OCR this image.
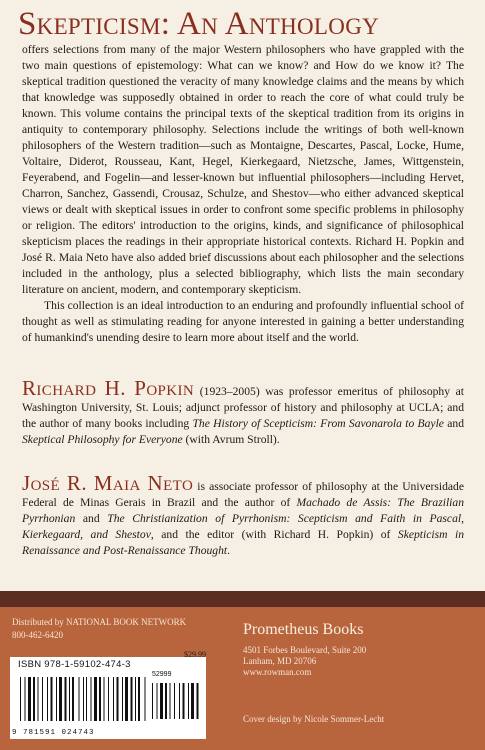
Skepticism: An Anthology

offers selections from many of the major Western philosophers who have grappled with the two main questions of epistemology: What can we know? and How do we know it? The skeptical tradition questioned the veracity of many knowledge claims and the means by which that knowledge was supposedly obtained in order to reach the core of what could truly be known. This volume contains the principal texts of the skeptical tradition from its origins in antiquity to contemporary philosophy. Selections include the writings of both well-known philosophers of the Western tradition—such as Montaigne, Descartes, Pascal, Locke, Hume, Voltaire, Diderot, Rousseau, Kant, Hegel, Kierkegaard, Nietzsche, James, Wittgenstein, Feyerabend, and Fogelin—and lesser-known but influential philosophers—including Hervet, Charron, Sanchez, Gassendi, Crousaz, Schulze, and Shestov—who either advanced skeptical views or dealt with skeptical issues in order to confront some specific problems in philosophy or religion. The editors' introduction to the origins, kinds, and significance of philosophical skepticism places the readings in their appropriate historical contexts. Richard H. Popkin and José R. Maia Neto have also added brief discussions about each philosopher and the selections included in the anthology, plus a selected bibliography, which lists the main secondary literature on ancient, modern, and contemporary skepticism.

This collection is an ideal introduction to an enduring and profoundly influential school of thought as well as stimulating reading for anyone interested in gaining a better understanding of humankind's unending desire to learn more about itself and the world.

Richard H. Popkin (1923–2005) was professor emeritus of philosophy at Washington University, St. Louis; adjunct professor of history and philosophy at UCLA; and the author of many books including The History of Scepticism: From Savonarola to Bayle and Skeptical Philosophy for Everyone (with Avrum Stroll).

José R. Maia Neto is associate professor of philosophy at the Universidade Federal de Minas Gerais in Brazil and the author of Machado de Assis: The Brazilian Pyrrhonian and The Christianization of Pyrrhonism: Scepticism and Faith in Pascal, Kierkegaard, and Shestov, and the editor (with Richard H. Popkin) of Skepticism in Renaissance and Post-Renaissance Thought.

Distributed by NATIONAL BOOK NETWORK
800-462-6420
ISBN 978-1-59102-474-3
52999
9 781591 024743
$29.99
Prometheus Books
4501 Forbes Boulevard, Suite 200
Lanham, MD 20706
www.rowman.com
Cover design by Nicole Sommer-Lecht
